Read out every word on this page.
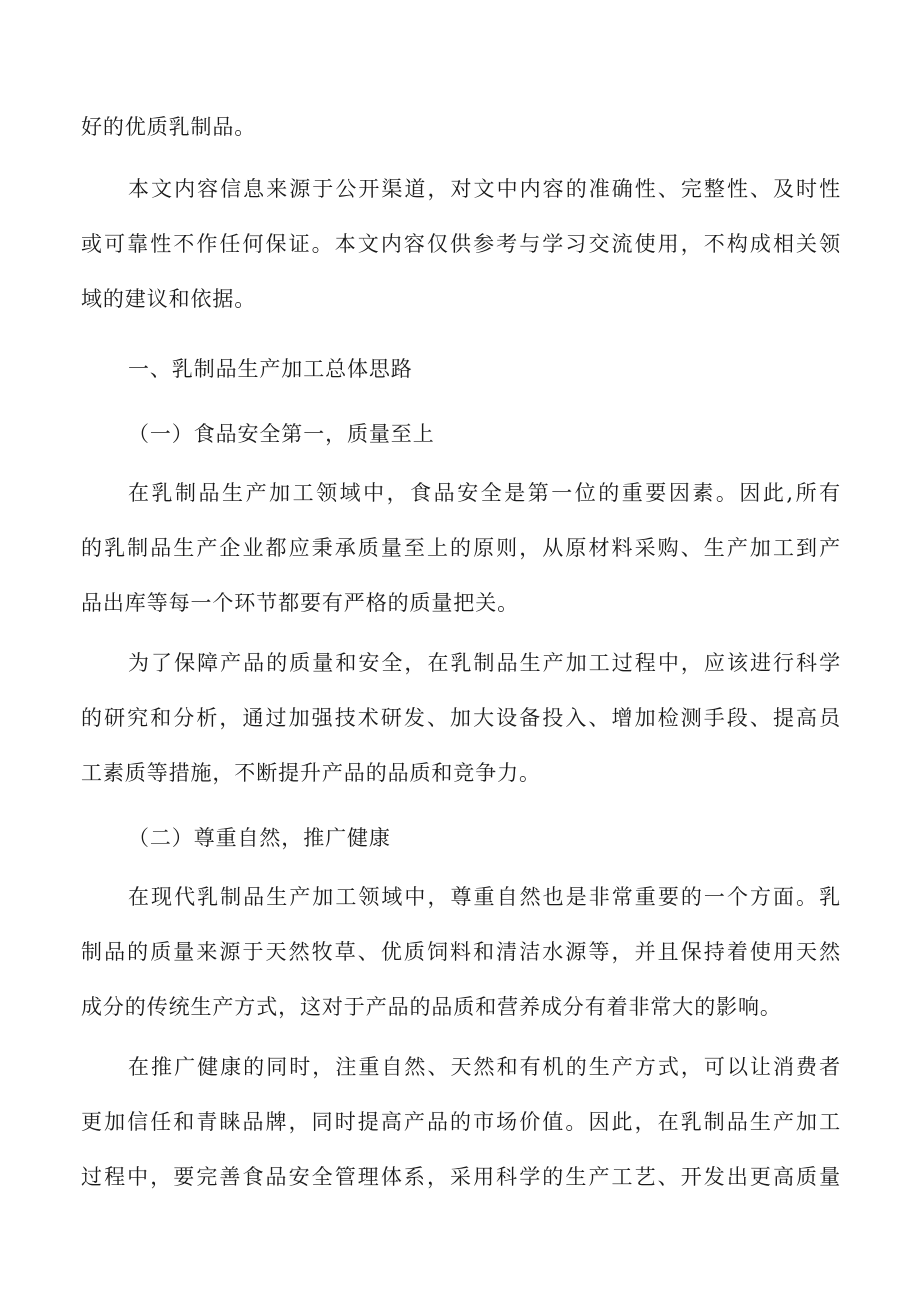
好的优质乳制品。
本文内容信息来源于公开渠道，对文中内容的准确性、完整性、及时性
或可靠性不作任何保证。本文内容仅供参考与学习交流使用，不构成相关领
域的建议和依据。
一、乳制品生产加工总体思路
（一）食品安全第一，质量至上
在乳制品生产加工领域中，食品安全是第一位的重要因素。因此,所有
的乳制品生产企业都应秉承质量至上的原则，从原材料采购、生产加工到产
品出库等每一个环节都要有严格的质量把关。
为了保障产品的质量和安全，在乳制品生产加工过程中，应该进行科学
的研究和分析，通过加强技术研发、加大设备投入、增加检测手段、提高员
工素质等措施，不断提升产品的品质和竞争力。
（二）尊重自然，推广健康
在现代乳制品生产加工领域中，尊重自然也是非常重要的一个方面。乳
制品的质量来源于天然牧草、优质饲料和清洁水源等，并且保持着使用天然
成分的传统生产方式，这对于产品的品质和营养成分有着非常大的影响。
在推广健康的同时，注重自然、天然和有机的生产方式，可以让消费者
更加信任和青睐品牌，同时提高产品的市场价值。因此，在乳制品生产加工
过程中，要完善食品安全管理体系，采用科学的生产工艺、开发出更高质量
